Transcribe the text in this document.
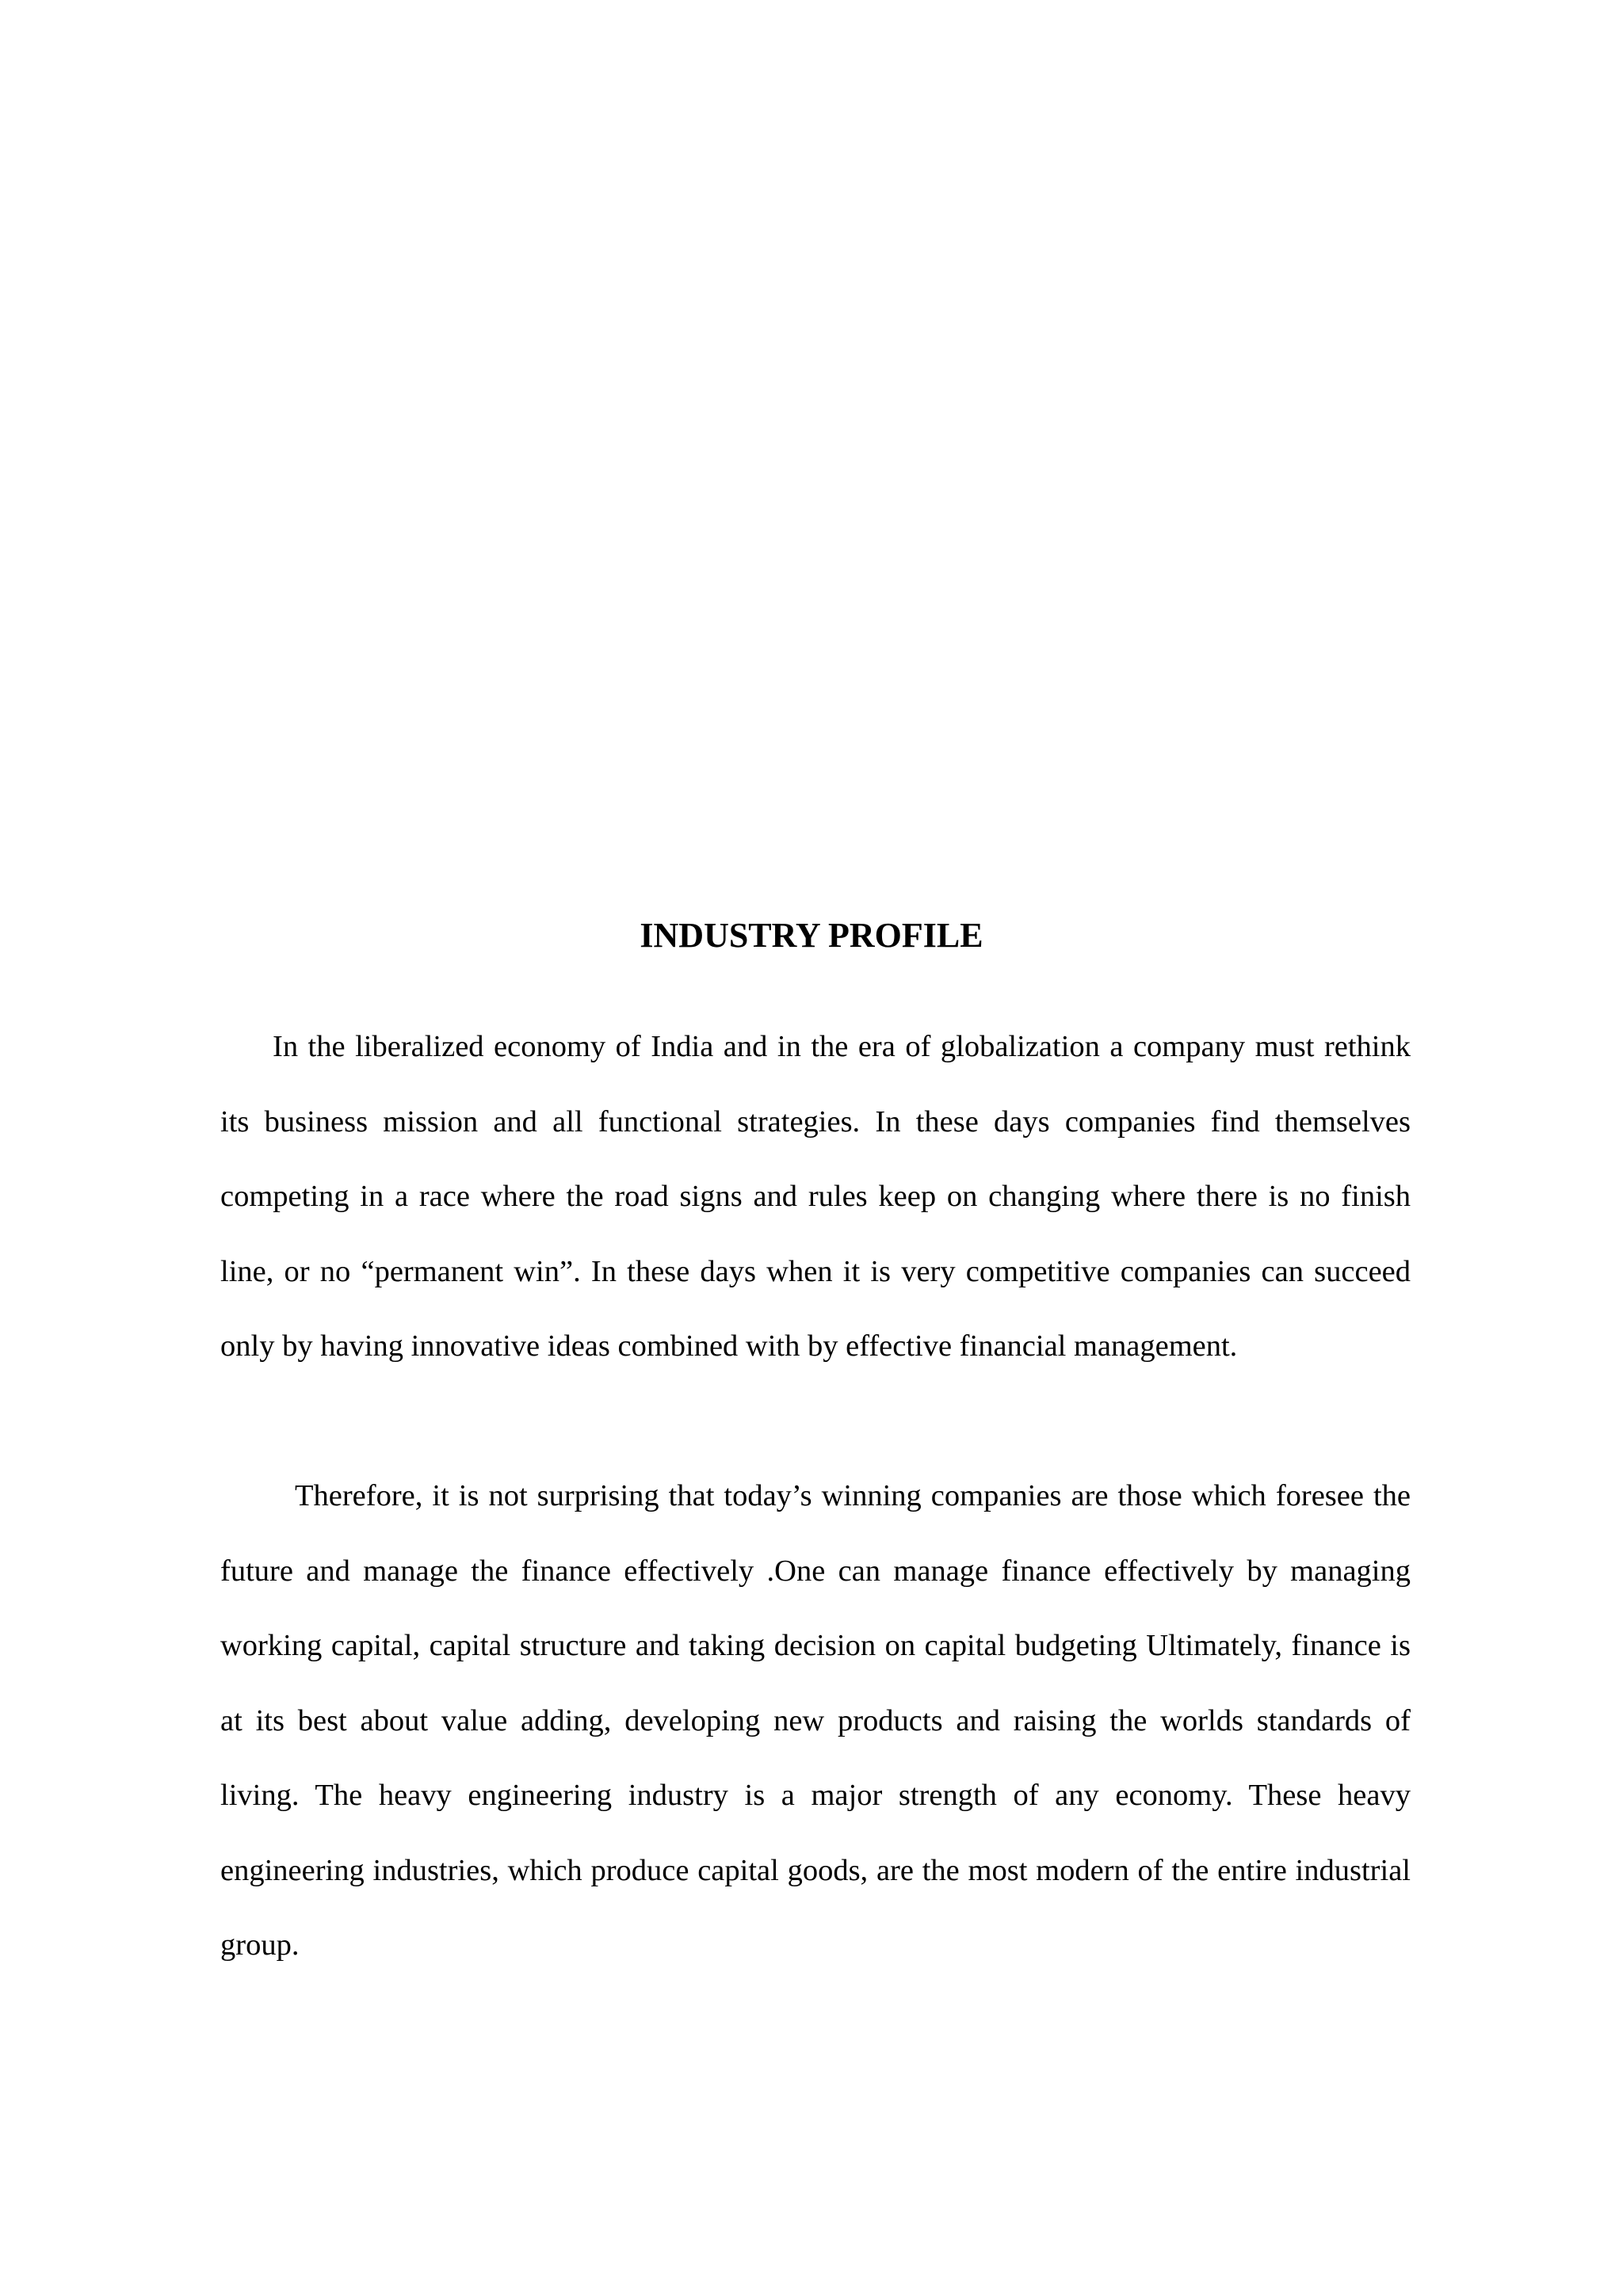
INDUSTRY PROFILE

In the liberalized economy of India and in the era of globalization a company must rethink its business mission and all functional strategies. In these days companies find themselves competing in a race where the road signs and rules keep on changing where there is no finish line, or no “permanent win”. In these days when it is very competitive companies can succeed only by having innovative ideas combined with by effective financial management.

Therefore, it is not surprising that today’s winning companies are those which foresee the future and manage the finance effectively .One can manage finance effectively by managing working capital, capital structure and taking decision on capital budgeting Ultimately, finance is at its best about value adding, developing new products and raising the worlds standards of living. The heavy engineering industry is a major strength of any economy. These heavy engineering industries, which produce capital goods, are the most modern of the entire industrial group.
